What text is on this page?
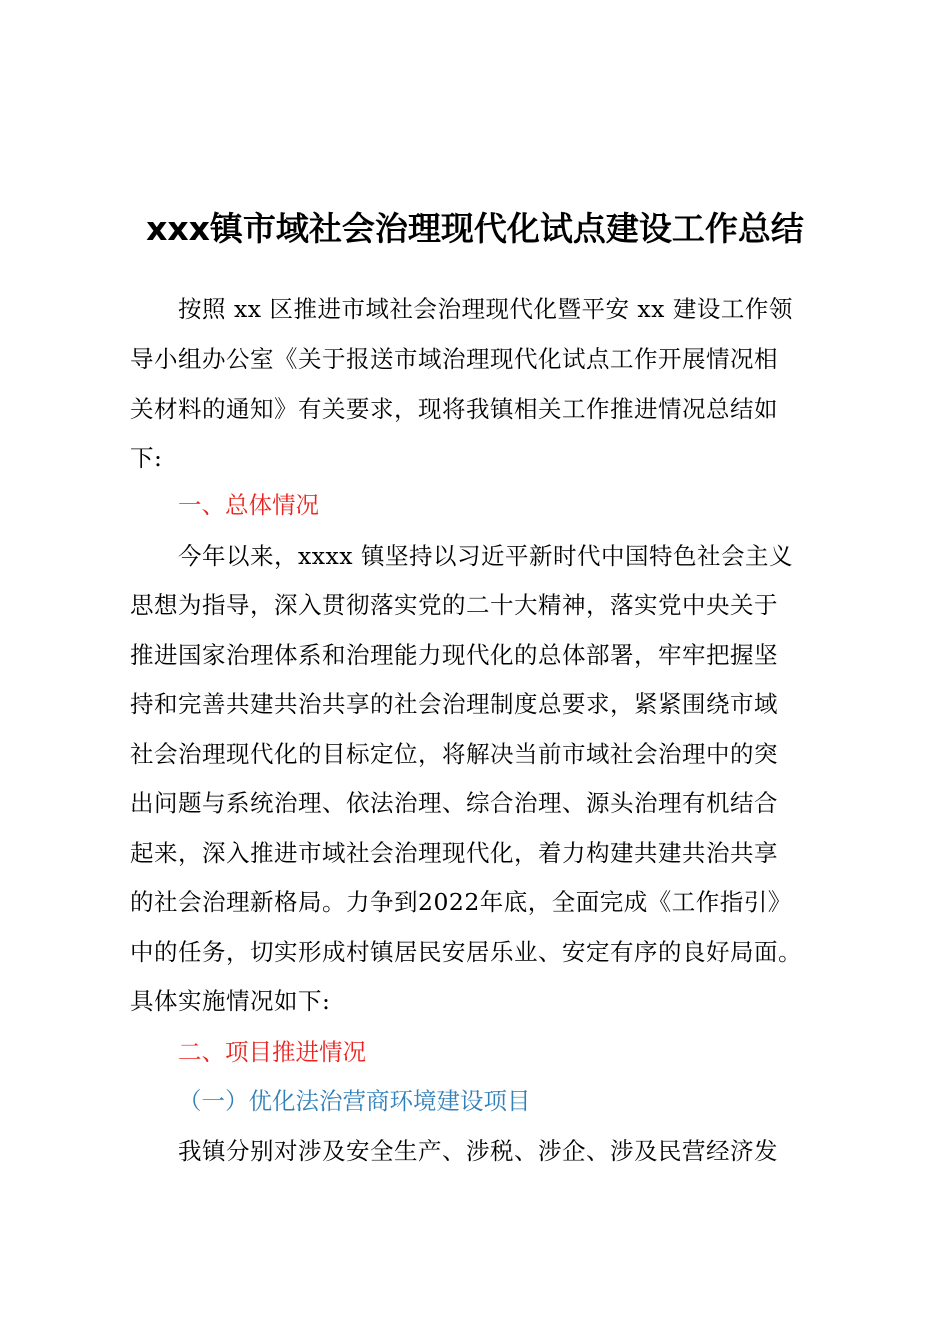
xxx镇市域社会治理现代化试点建设工作总结
按照 xx 区推进市域社会治理现代化暨平安 xx 建设工作领
导小组办公室《关于报送市域治理现代化试点工作开展情况相
关材料的通知》有关要求，现将我镇相关工作推进情况总结如
下:
一、总体情况
今年以来，xxxx 镇坚持以习近平新时代中国特色社会主义
思想为指导，深入贯彻落实党的二十大精神，落实党中央关于
推进国家治理体系和治理能力现代化的总体部署，牢牢把握坚
持和完善共建共治共享的社会治理制度总要求，紧紧围绕市域
社会治理现代化的目标定位，将解决当前市域社会治理中的突
出问题与系统治理、依法治理、综合治理、源头治理有机结合
起来，深入推进市域社会治理现代化，着力构建共建共治共享
的社会治理新格局。力争到2022年底，全面完成《工作指引》
中的任务，切实形成村镇居民安居乐业、安定有序的良好局面。
具体实施情况如下:
二、项目推进情况
（一）优化法治营商环境建设项目
我镇分别对涉及安全生产、涉税、涉企、涉及民营经济发
